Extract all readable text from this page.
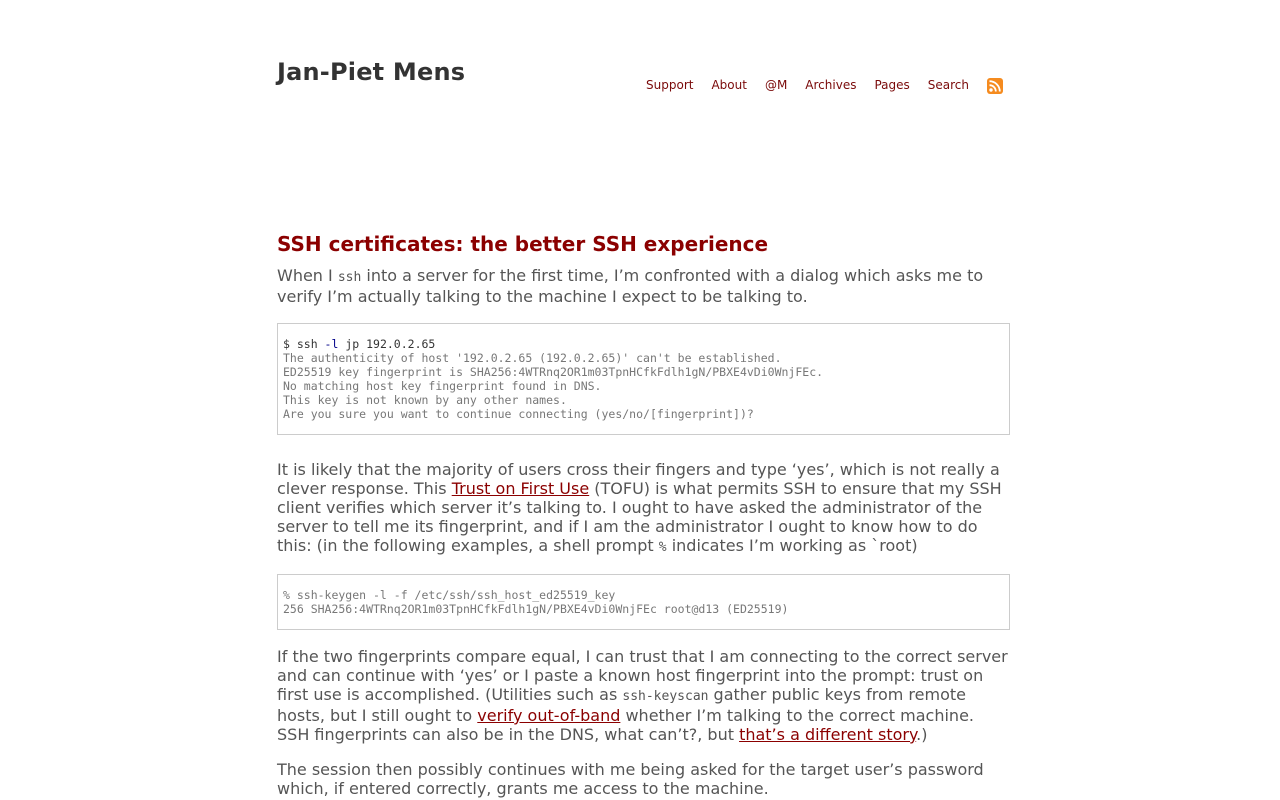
Jan-Piet Mens	Support About @M Archives Pages Search
SSH certificates: the better SSH experience

When I ssh into a server for the first time, I’m confronted with a dialog which asks me to verify I’m actually talking to the machine I expect to be talking to.

$ ssh -l jp 192.0.2.65
The authenticity of host '192.0.2.65 (192.0.2.65)' can't be established.
ED25519 key fingerprint is SHA256:4WTRnq2OR1m03TpnHCfkFdlh1gN/PBXE4vDi0WnjFEc.
No matching host key fingerprint found in DNS.
This key is not known by any other names.
Are you sure you want to continue connecting (yes/no/[fingerprint])?

It is likely that the majority of users cross their fingers and type ‘yes’, which is not really a clever response. This Trust on First Use (TOFU) is what permits SSH to ensure that my SSH client verifies which server it’s talking to. I ought to have asked the administrator of the server to tell me its fingerprint, and if I am the administrator I ought to know how to do this: (in the following examples, a shell prompt % indicates I’m working as `root)

% ssh-keygen -l -f /etc/ssh/ssh_host_ed25519_key
256 SHA256:4WTRnq2OR1m03TpnHCfkFdlh1gN/PBXE4vDi0WnjFEc root@d13 (ED25519)

If the two fingerprints compare equal, I can trust that I am connecting to the correct server and can continue with ‘yes’ or I paste a known host fingerprint into the prompt: trust on first use is accomplished. (Utilities such as ssh-keyscan gather public keys from remote hosts, but I still ought to verify out-of-band whether I’m talking to the correct machine. SSH fingerprints can also be in the DNS, what can’t?, but that’s a different story.)

The session then possibly continues with me being asked for the target user’s password which, if entered correctly, grants me access to the machine.
